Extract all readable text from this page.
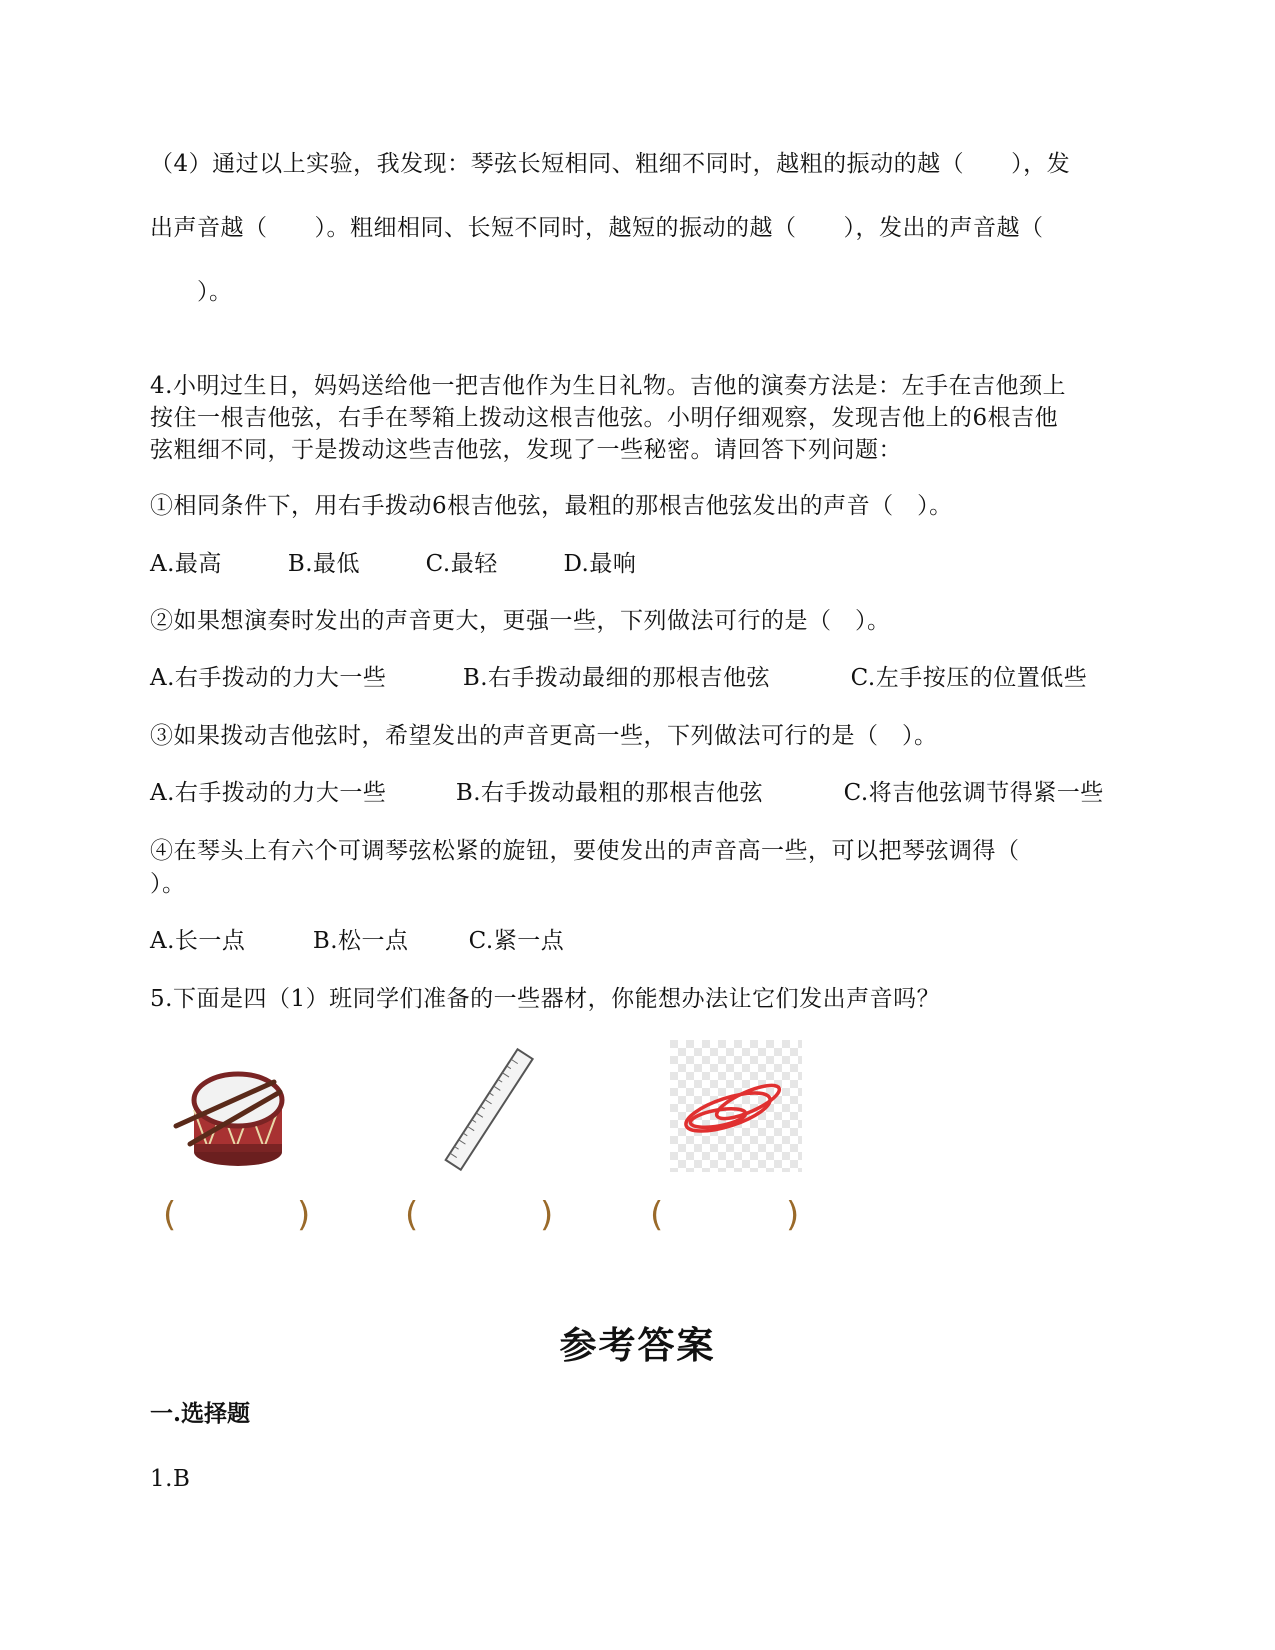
（4）通过以上实验，我发现：琴弦长短相同、粗细不同时，越粗的振动的越（　　），发
出声音越（　　）。粗细相同、长短不同时，越短的振动的越（　　），发出的声音越（
　　）。
4.小明过生日，妈妈送给他一把吉他作为生日礼物。吉他的演奏方法是：左手在吉他颈上
按住一根吉他弦，右手在琴箱上拨动这根吉他弦。小明仔细观察，发现吉他上的6根吉他
弦粗细不同，于是拨动这些吉他弦，发现了一些秘密。请回答下列问题：
①相同条件下，用右手拨动6根吉他弦，最粗的那根吉他弦发出的声音（　）。
A.最高	B.最低	C.最轻	D.最响
②如果想演奏时发出的声音更大，更强一些，下列做法可行的是（　）。
A.右手拨动的力大一些	B.右手拨动最细的那根吉他弦	C.左手按压的位置低些
③如果拨动吉他弦时，希望发出的声音更高一些，下列做法可行的是（　）。
A.右手拨动的力大一些	B.右手拨动最粗的那根吉他弦	C.将吉他弦调节得紧一些
④在琴头上有六个可调琴弦松紧的旋钮，要使发出的声音高一些，可以把琴弦调得（
）。
A.长一点	B.松一点	C.紧一点
5.下面是四（1）班同学们准备的一些器材，你能想办法让它们发出声音吗？
(	)	(	)	(	)
参考答案
一.选择题
1.B
